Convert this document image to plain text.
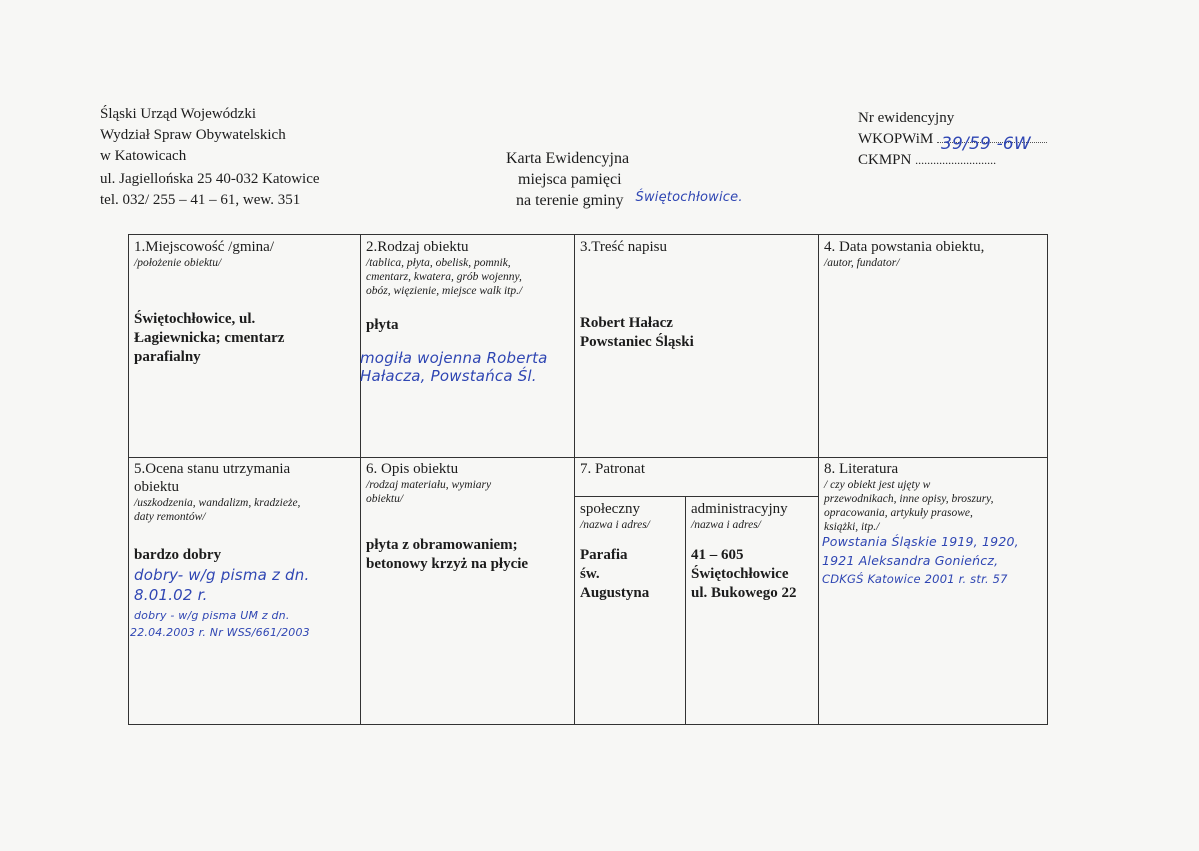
Śląski Urząd Wojewódzki
Wydział Spraw Obywatelskich
w Katowicach
ul. Jagiellońska 25 40-032 Katowice
tel. 032/ 255 – 41 – 61, wew. 351
Karta Ewidencyjna
miejsca pamięci
na terenie gminy $^{Świętochłowice.}$
Nr ewidencyjny
WKOPWiM 39/59 -6W
CKMPN ...........................
1.Miejscowość /gmina/
/położenie obiektu/
Świętochłowice, ul.
Łagiewnicka; cmentarz
parafialny
2.Rodzaj obiektu
/tablica, płyta, obelisk, pomnik,
cmentarz, kwatera, grób wojenny,
obóz, więzienie, miejsce walk itp./
płyta
mogiła wojenna Roberta
Hałacza, Powstańca Śl.
3.Treść napisu
Robert Hałacz
Powstaniec Śląski
4. Data powstania obiektu,
/autor, fundator/
5.Ocena stanu utrzymania
obiektu
/uszkodzenia, wandalizm, kradzieże,
daty remontów/
bardzo dobry
dobry- w/g pisma z dn.
8.01.02 r.
dobry - w/g pisma UM z dn.
22.04.2003 r. Nr WSS/661/2003
6. Opis obiektu
/rodzaj materiału, wymiary
obiektu/
płyta z obramowaniem;
betonowy krzyż na płycie
7. Patronat
społeczny
/nazwa i adres/
Parafia
św.
Augustyna
administracyjny
/nazwa i adres/
41 – 605
Świętochłowice
ul. Bukowego 22
8. Literatura
/ czy obiekt jest ujęty w
przewodnikach, inne opisy, broszury,
opracowania, artykuły prasowe,
książki, itp./
Powstania Śląskie 1919, 1920,
1921 Aleksandra Gonieńcz,
CDKGŚ Katowice 2001 r. str. 57
